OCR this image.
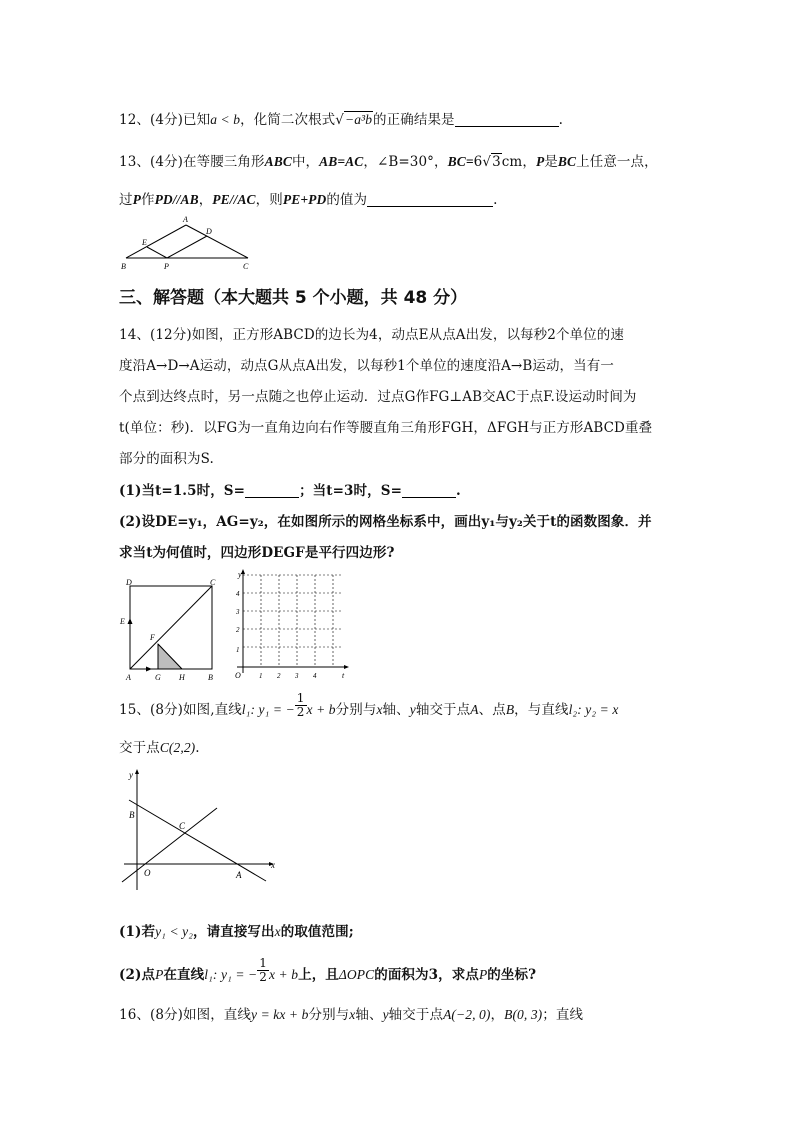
12、(4分)已知a < b，化简二次根式√−a³b的正确结果是	.
13、(4分)在等腰三角形ABC中，AB=AC，∠B=30°，BC=6√3cm，P是BC上任意一点，
过P作PD//AB，PE//AC，则PE+PD的值为	.
A
B	C
D
E
P
三、解答题（本大题共 5 个小题，共 48 分）
14、(12分)如图，正方形ABCD的边长为4，动点E从点A出发，以每秒2个单位的速
度沿A→D→A运动，动点G从点A出发，以每秒1个单位的速度沿A→B运动，当有一
个点到达终点时，另一点随之也停止运动．过点G作FG⊥AB交AC于点F.设运动时间为
t(单位：秒)．以FG为一直角边向右作等腰直角三角形FGH，ΔFGH与正方形ABCD重叠
部分的面积为S.
(1)当t=1.5时，S=	；当t=3时，S=	.
(2)设DE=y₁，AG=y₂，在如图所示的网格坐标系中，画出y₁与y₂关于t的函数图象．并
求当t为何值时，四边形DEGF是平行四边形?
D	C
E
F
A	G H	B
y
t
O
1
2
3
4
1 2 3 4
15、(8分)如图,直线l₁: y₁ = − $\frac{1}{2}$ x + b分别与x轴、y轴交于点A、点B，与直线l₂: y₂ = x
交于点C(2,2).
y
x
B
C
O	A
(1)若y₁ < y₂，请直接写出x的取值范围;
(2)点P在直线l₁: y₁ = − $\frac{1}{2}$ x + b上，且ΔOPC的面积为3，求点P的坐标?
16、(8分)如图，直线y = kx + b分别与x轴、y轴交于点A(−2, 0)，B(0, 3)；直线
